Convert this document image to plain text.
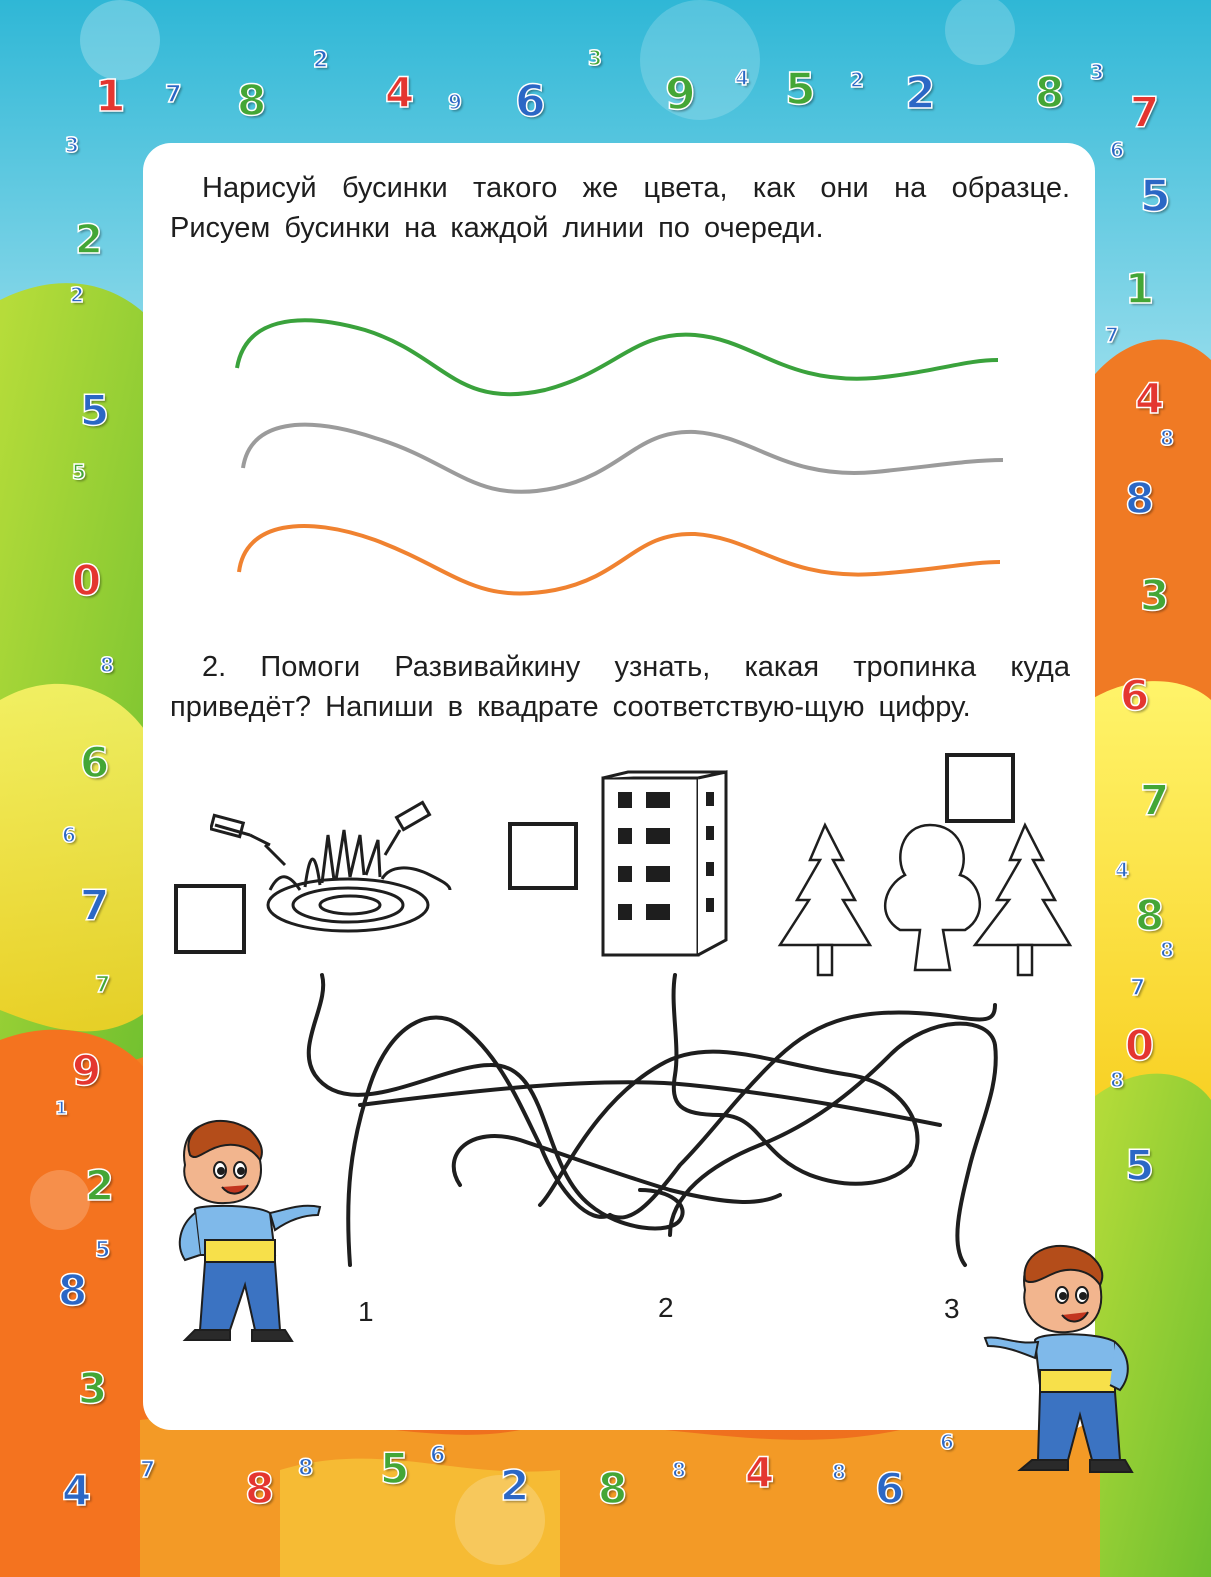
1 7 8
2
4 9 6
3
9 4 5 2 2 8 3
7
3
2
2
5
5
0
8
6
6
7
7
9
1
2
5
8
3
6
5
1
7
4
8
8
3
6
7
8
4
8
7
0
8
5
4 7 8 8 5 6
2 8 8 4	8 6
6
Нарисуй бусинки такого же цвета, как они на образце. Рисуем бусинки на каждой линии по очереди.
2. Помоги Развивайкину узнать, какая тропинка куда приведёт? Напиши в квадрате соответствую-щую цифру.
1	2	3
